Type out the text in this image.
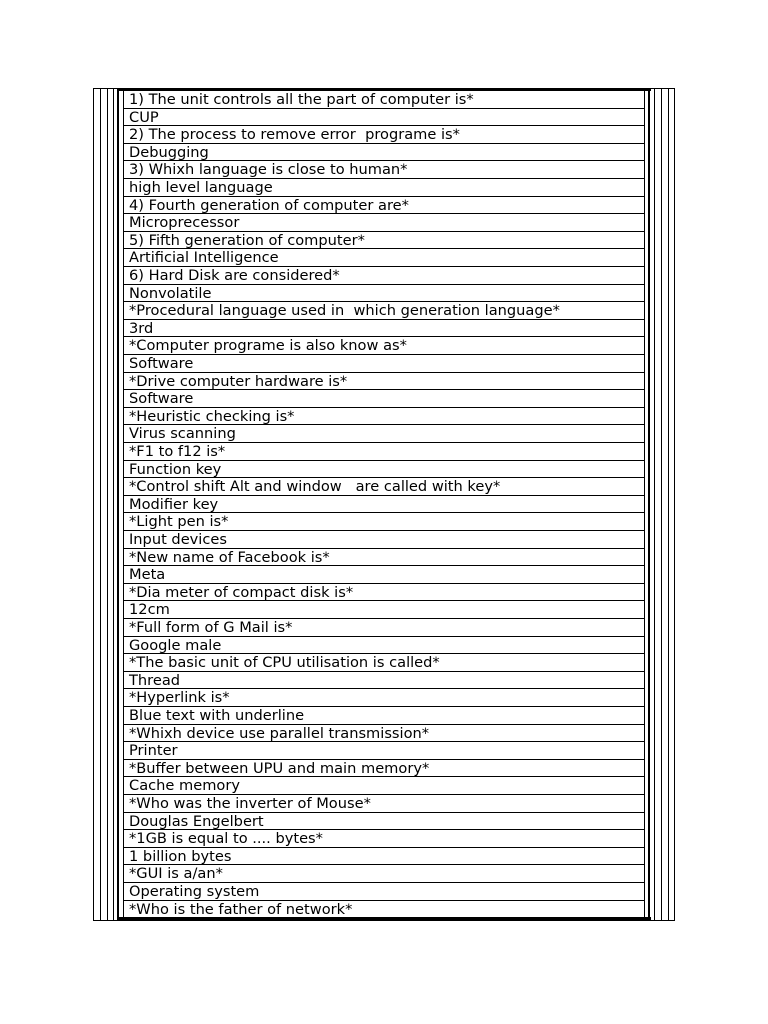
1) The unit controls all the part of computer is*
CUP
2) The process to remove error  programe is*
Debugging
3) Whixh language is close to human*
high level language
4) Fourth generation of computer are*
Microprecessor
5) Fifth generation of computer*
Artificial Intelligence
6) Hard Disk are considered*
Nonvolatile
*Procedural language used in  which generation language*
3rd
*Computer programe is also know as*
Software
*Drive computer hardware is*
Software
*Heuristic checking is*
Virus scanning
*F1 to f12 is*
Function key
*Control shift Alt and window   are called with key*
Modifier key
*Light pen is*
Input devices
*New name of Facebook is*
Meta
*Dia meter of compact disk is*
12cm
*Full form of G Mail is*
Google male
*The basic unit of CPU utilisation is called*
Thread
*Hyperlink is*
Blue text with underline
*Whixh device use parallel transmission*
Printer
*Buffer between UPU and main memory*
Cache memory
*Who was the inverter of Mouse*
Douglas Engelbert
*1GB is equal to .... bytes*
1 billion bytes
*GUI is a/an*
Operating system
*Who is the father of network*
